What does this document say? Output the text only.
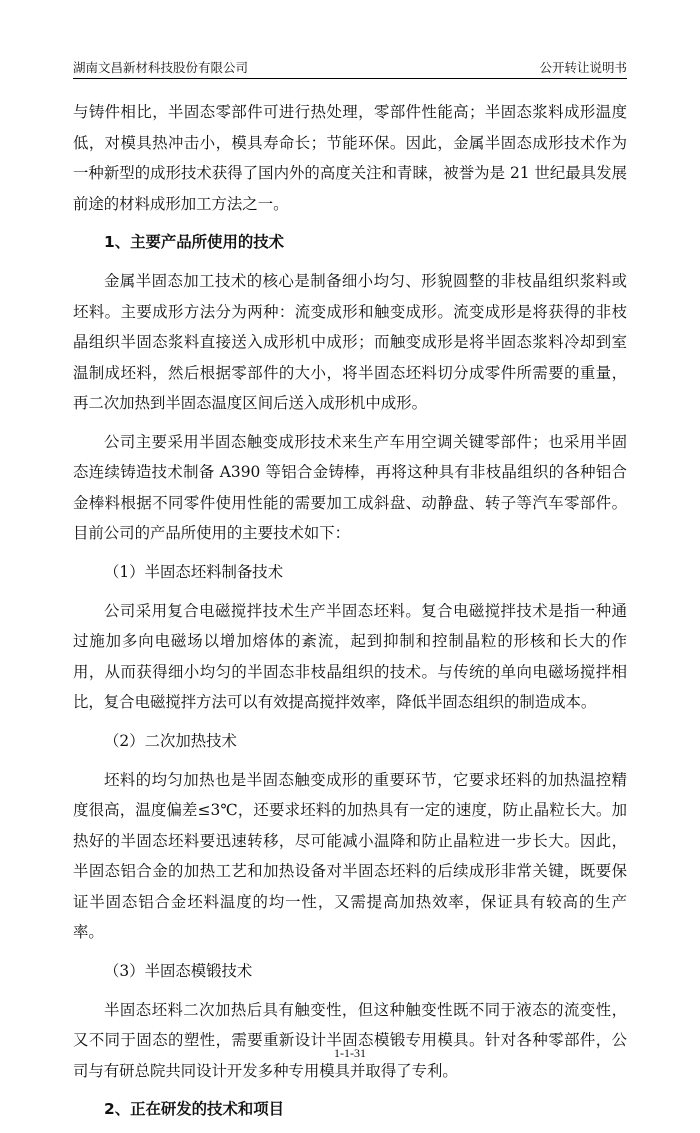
湖南文昌新材科技股份有限公司	公开转让说明书

与铸件相比，半固态零部件可进行热处理，零部件性能高；半固态浆料成形温度低，对模具热冲击小，模具寿命长；节能环保。因此，金属半固态成形技术作为一种新型的成形技术获得了国内外的高度关注和青睐，被誉为是 21 世纪最具发展前途的材料成形加工方法之一。

1、主要产品所使用的技术

金属半固态加工技术的核心是制备细小均匀、形貌圆整的非枝晶组织浆料或坯料。主要成形方法分为两种：流变成形和触变成形。流变成形是将获得的非枝晶组织半固态浆料直接送入成形机中成形；而触变成形是将半固态浆料冷却到室温制成坯料，然后根据零部件的大小，将半固态坯料切分成零件所需要的重量，再二次加热到半固态温度区间后送入成形机中成形。

公司主要采用半固态触变成形技术来生产车用空调关键零部件；也采用半固态连续铸造技术制备 A390 等铝合金铸棒，再将这种具有非枝晶组织的各种铝合金棒料根据不同零件使用性能的需要加工成斜盘、动静盘、转子等汽车零部件。目前公司的产品所使用的主要技术如下：

（1）半固态坯料制备技术

公司采用复合电磁搅拌技术生产半固态坯料。复合电磁搅拌技术是指一种通过施加多向电磁场以增加熔体的紊流，起到抑制和控制晶粒的形核和长大的作用，从而获得细小均匀的半固态非枝晶组织的技术。与传统的单向电磁场搅拌相比，复合电磁搅拌方法可以有效提高搅拌效率，降低半固态组织的制造成本。

（2）二次加热技术

坯料的均匀加热也是半固态触变成形的重要环节，它要求坯料的加热温控精度很高，温度偏差≤3℃，还要求坯料的加热具有一定的速度，防止晶粒长大。加热好的半固态坯料要迅速转移，尽可能减小温降和防止晶粒进一步长大。因此，半固态铝合金的加热工艺和加热设备对半固态坯料的后续成形非常关键，既要保证半固态铝合金坯料温度的均一性，又需提高加热效率，保证具有较高的生产率。

（3）半固态模锻技术

半固态坯料二次加热后具有触变性，但这种触变性既不同于液态的流变性，又不同于固态的塑性，需要重新设计半固态模锻专用模具。针对各种零部件，公司与有研总院共同设计开发多种专用模具并取得了专利。

2、正在研发的技术和项目
1-1-31
